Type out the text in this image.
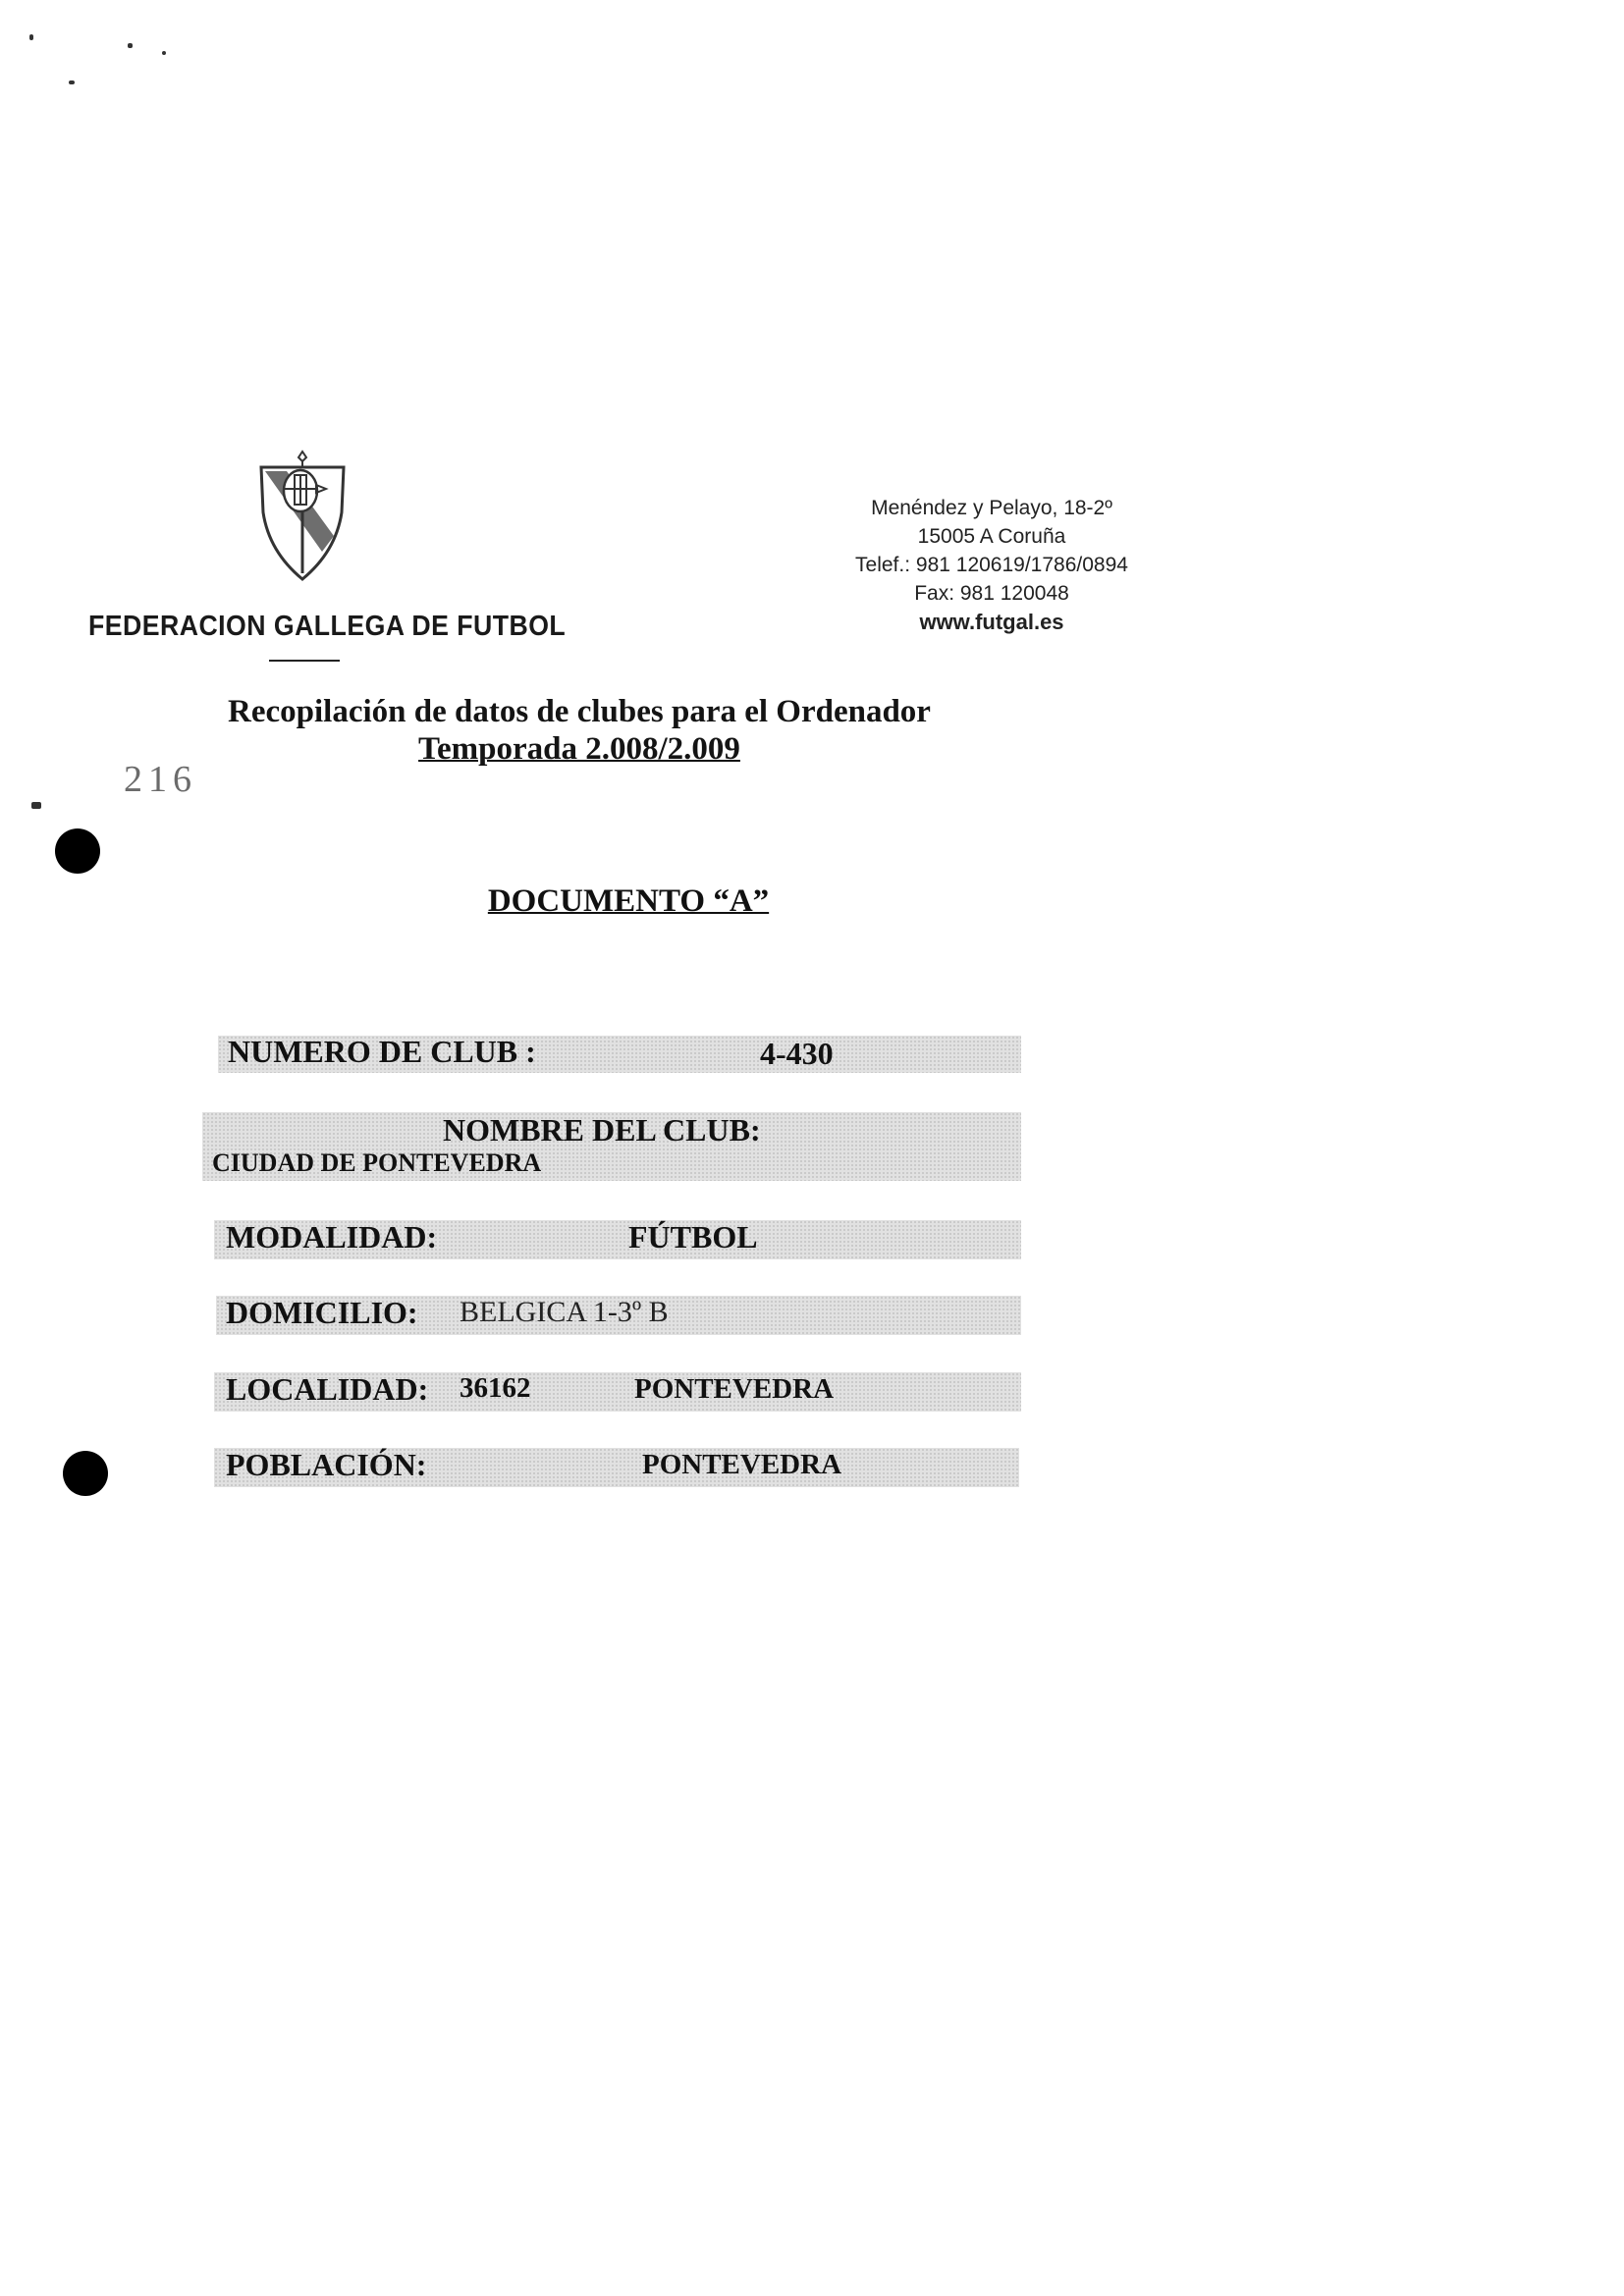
FEDERACION GALLEGA DE FUTBOL
Menéndez y Pelayo, 18-2º
15005 A Coruña
Telef.: 981 120619/1786/0894
Fax: 981 120048
www.futgal.es
Recopilación de datos de clubes para el Ordenador
Temporada 2.008/2.009
216
DOCUMENTO “A”
NUMERO DE CLUB :	4-430
NOMBRE DEL CLUB:
CIUDAD DE PONTEVEDRA
MODALIDAD:	FÚTBOL
DOMICILIO: BELGICA 1-3º B
LOCALIDAD: 36162	PONTEVEDRA
POBLACIÓN:	PONTEVEDRA
